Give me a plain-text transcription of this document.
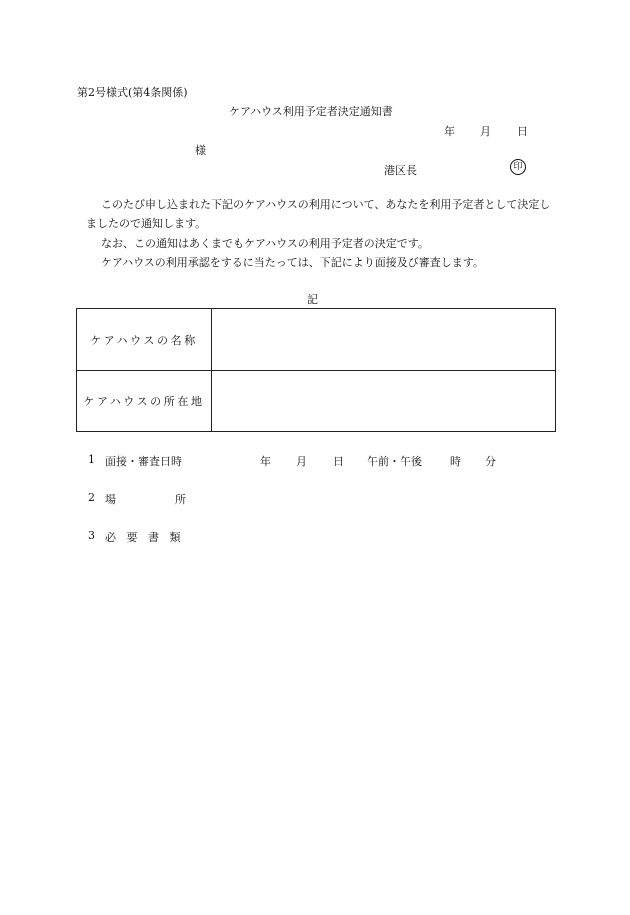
第2号様式(第4条関係)
ケアハウス利用予定者決定通知書
年 月 日
様
港区長	印
このたび申し込まれた下記のケアハウスの利用について、あなたを利用予定者として決定しましたので通知します。
なお、この通知はあくまでもケアハウスの利用予定者の決定です。
ケアハウスの利用承認をするに当たっては、下記により面接及び審査します。
記
ケアハウスの名称
ケアハウスの所在地
1 面接・審査日時	年 月 日 午前・午後	時 分
2 場	所
3 必要書類
